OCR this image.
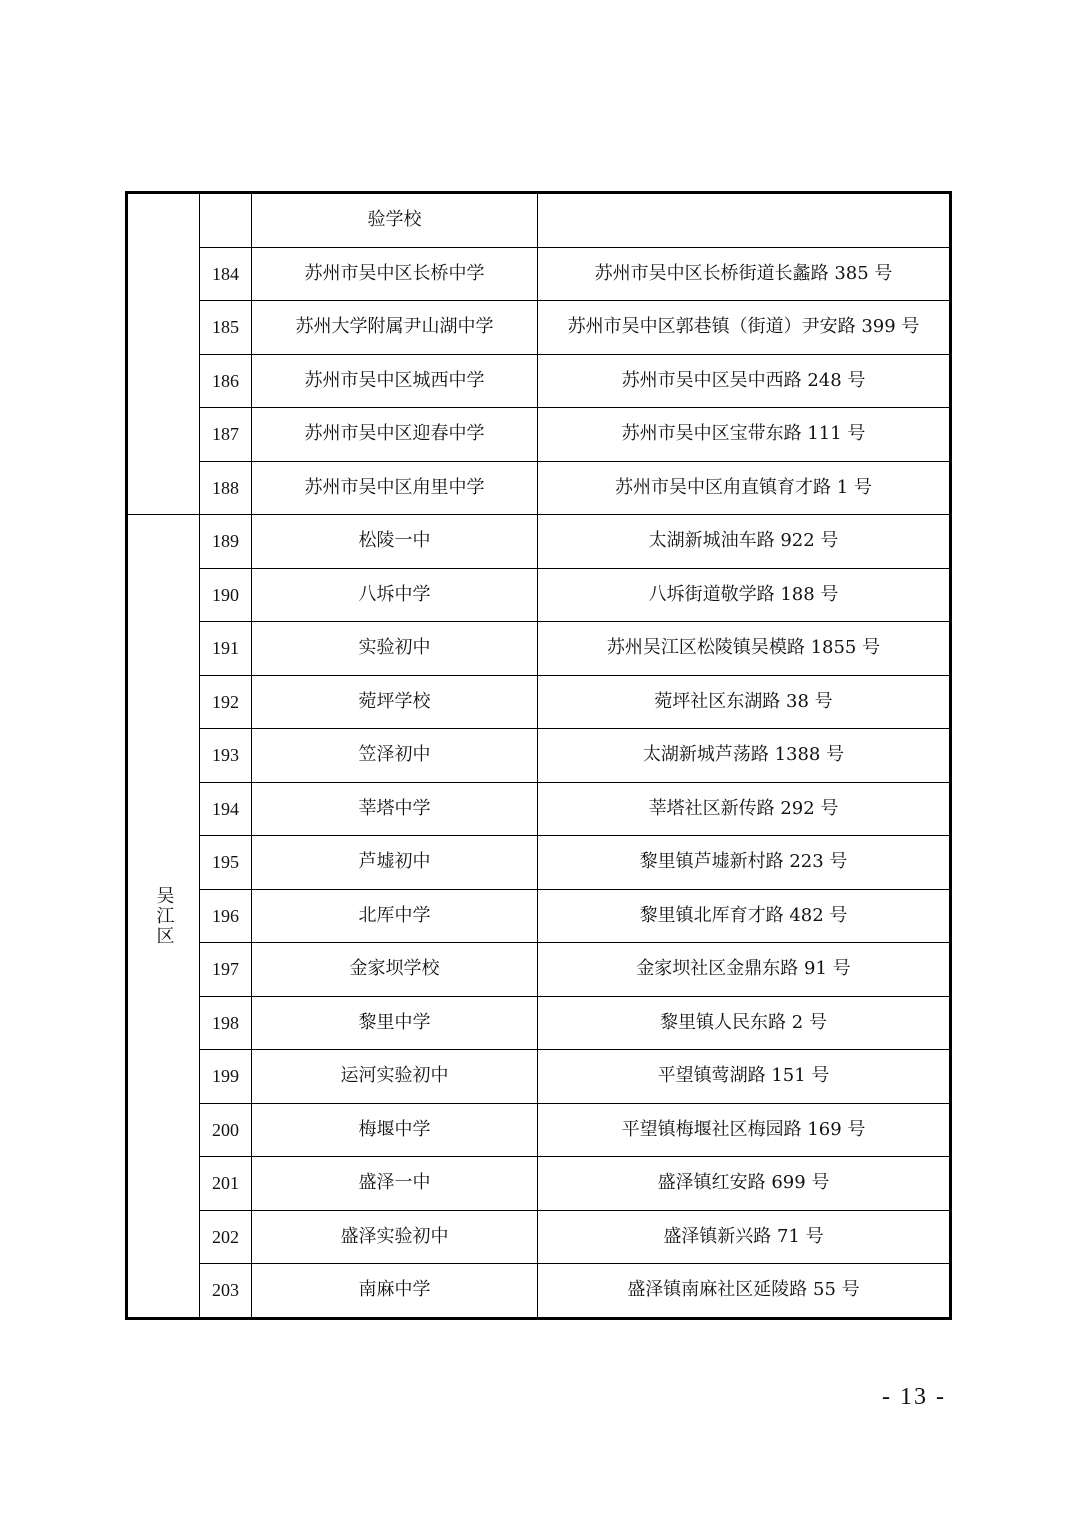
		验学校	
	184	苏州市吴中区长桥中学	苏州市吴中区长桥街道长蠡路 385 号
	185	苏州大学附属尹山湖中学	苏州市吴中区郭巷镇（街道）尹安路 399 号
	186	苏州市吴中区城西中学	苏州市吴中区吴中西路 248 号
	187	苏州市吴中区迎春中学	苏州市吴中区宝带东路 111 号
	188	苏州市吴中区甪里中学	苏州市吴中区甪直镇育才路 1 号

吴江区	189	松陵一中	太湖新城油车路 922 号
	190	八坼中学	八坼街道敬学路 188 号
	191	实验初中	苏州吴江区松陵镇吴模路 1855 号
	192	菀坪学校	菀坪社区东湖路 38 号
	193	笠泽初中	太湖新城芦荡路 1388 号
	194	莘塔中学	莘塔社区新传路 292 号
	195	芦墟初中	黎里镇芦墟新村路 223 号
	196	北厍中学	黎里镇北厍育才路 482 号
	197	金家坝学校	金家坝社区金鼎东路 91 号
	198	黎里中学	黎里镇人民东路 2 号
	199	运河实验初中	平望镇莺湖路 151 号
	200	梅堰中学	平望镇梅堰社区梅园路 169 号
	201	盛泽一中	盛泽镇红安路 699 号
	202	盛泽实验初中	盛泽镇新兴路 71 号
	203	南麻中学	盛泽镇南麻社区延陵路 55 号
- 13 -
